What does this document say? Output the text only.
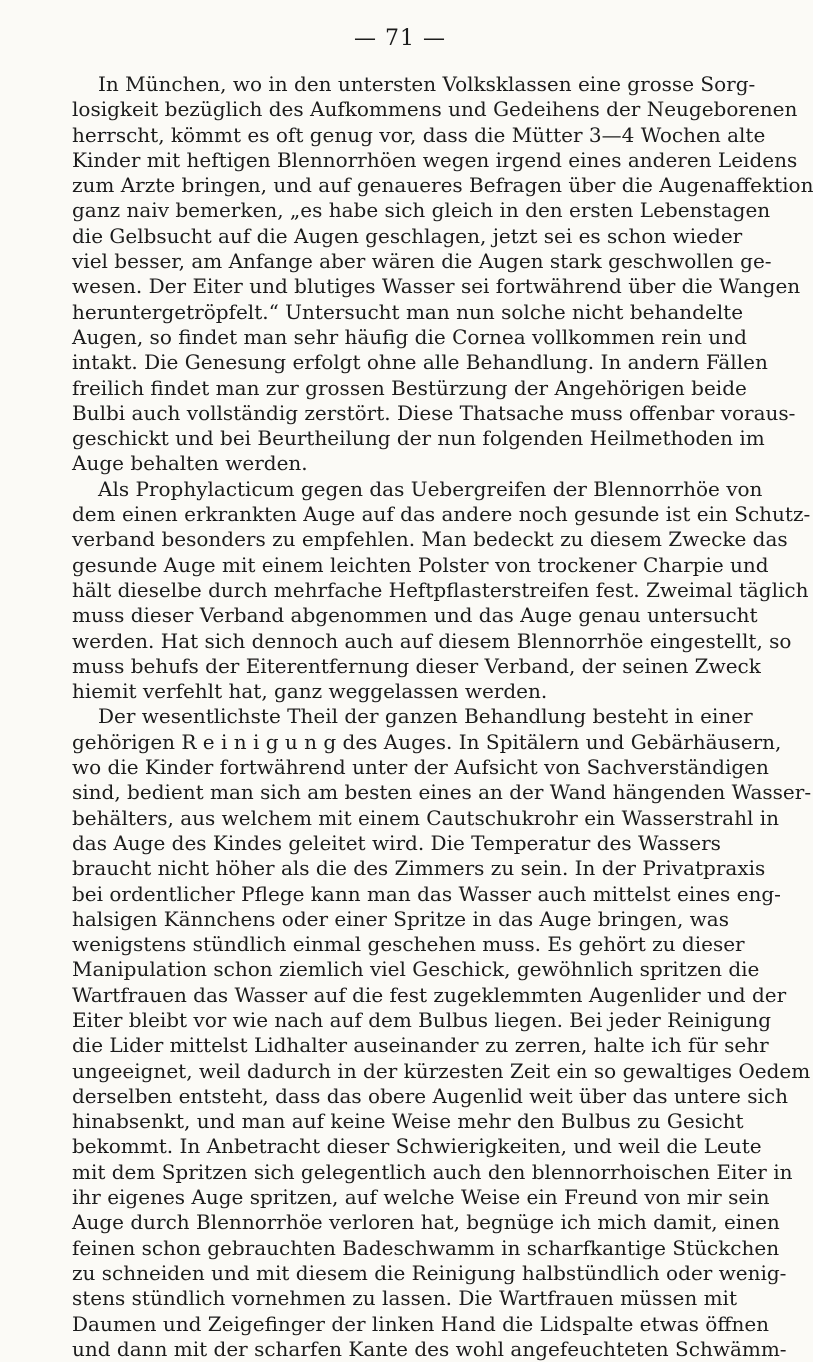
— 71 —
In München, wo in den untersten Volksklassen eine grosse Sorg-
losigkeit bezüglich des Aufkommens und Gedeihens der Neugeborenen
herrscht, kömmt es oft genug vor, dass die Mütter 3—4 Wochen alte
Kinder mit heftigen Blennorrhöen wegen irgend eines anderen Leidens
zum Arzte bringen, und auf genaueres Befragen über die Augenaffektion
ganz naiv bemerken, „es habe sich gleich in den ersten Lebenstagen
die Gelbsucht auf die Augen geschlagen, jetzt sei es schon wieder
viel besser, am Anfange aber wären die Augen stark geschwollen ge-
wesen. Der Eiter und blutiges Wasser sei fortwährend über die Wangen
heruntergetröpfelt.“ Untersucht man nun solche nicht behandelte
Augen, so findet man sehr häufig die Cornea vollkommen rein und
intakt. Die Genesung erfolgt ohne alle Behandlung. In andern Fällen
freilich findet man zur grossen Bestürzung der Angehörigen beide
Bulbi auch vollständig zerstört. Diese Thatsache muss offenbar voraus-
geschickt und bei Beurtheilung der nun folgenden Heilmethoden im
Auge behalten werden.
Als Prophylacticum gegen das Uebergreifen der Blennorrhöe von
dem einen erkrankten Auge auf das andere noch gesunde ist ein Schutz-
verband besonders zu empfehlen. Man bedeckt zu diesem Zwecke das
gesunde Auge mit einem leichten Polster von trockener Charpie und
hält dieselbe durch mehrfache Heftpflasterstreifen fest. Zweimal täglich
muss dieser Verband abgenommen und das Auge genau untersucht
werden. Hat sich dennoch auch auf diesem Blennorrhöe eingestellt, so
muss behufs der Eiterentfernung dieser Verband, der seinen Zweck
hiemit verfehlt hat, ganz weggelassen werden.
Der wesentlichste Theil der ganzen Behandlung besteht in einer
gehörigen R e i n i g u n g des Auges. In Spitälern und Gebärhäusern,
wo die Kinder fortwährend unter der Aufsicht von Sachverständigen
sind, bedient man sich am besten eines an der Wand hängenden Wasser-
behälters, aus welchem mit einem Cautschukrohr ein Wasserstrahl in
das Auge des Kindes geleitet wird. Die Temperatur des Wassers
braucht nicht höher als die des Zimmers zu sein. In der Privatpraxis
bei ordentlicher Pflege kann man das Wasser auch mittelst eines eng-
halsigen Kännchens oder einer Spritze in das Auge bringen, was
wenigstens stündlich einmal geschehen muss. Es gehört zu dieser
Manipulation schon ziemlich viel Geschick, gewöhnlich spritzen die
Wartfrauen das Wasser auf die fest zugeklemmten Augenlider und der
Eiter bleibt vor wie nach auf dem Bulbus liegen. Bei jeder Reinigung
die Lider mittelst Lidhalter auseinander zu zerren, halte ich für sehr
ungeeignet, weil dadurch in der kürzesten Zeit ein so gewaltiges Oedem
derselben entsteht, dass das obere Augenlid weit über das untere sich
hinabsenkt, und man auf keine Weise mehr den Bulbus zu Gesicht
bekommt. In Anbetracht dieser Schwierigkeiten, und weil die Leute
mit dem Spritzen sich gelegentlich auch den blennorrhoischen Eiter in
ihr eigenes Auge spritzen, auf welche Weise ein Freund von mir sein
Auge durch Blennorrhöe verloren hat, begnüge ich mich damit, einen
feinen schon gebrauchten Badeschwamm in scharfkantige Stückchen
zu schneiden und mit diesem die Reinigung halbstündlich oder wenig-
stens stündlich vornehmen zu lassen. Die Wartfrauen müssen mit
Daumen und Zeigefinger der linken Hand die Lidspalte etwas öffnen
und dann mit der scharfen Kante des wohl angefeuchteten Schwämm-
